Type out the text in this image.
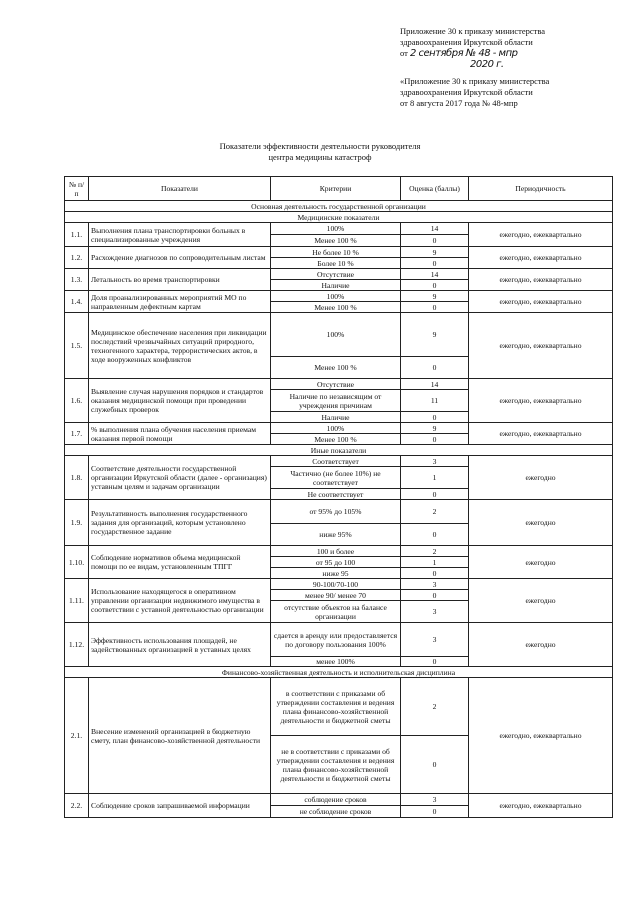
Приложение 30 к приказу министерства
здравоохранения Иркутской области
от 2 сентября № 48 - мпр
2020 г.
«Приложение 30 к приказу министерства
здравоохранения Иркутской области
от 8 августа 2017 года № 48-мпр
Показатели эффективности деятельности руководителя
центра медицины катастроф
№ п/п	Показатели	Критерии	Оценка (баллы)	Периодичность
Основная деятельность государственной организации				
Медицинские показатели				
1.1.	Выполнения плана транспортировки больных в специализированные учреждения	100%	14	ежегодно, ежеквартально
		Менее 100 %	0	
1.2.	Расхождение диагнозов по сопроводительным листам	Не более 10 %	9	ежегодно, ежеквартально
		Более 10 %	0	
1.3.	Летальность во время транспортировки	Отсутствие	14	ежегодно, ежеквартально
		Наличие	0	
1.4.	Доля проанализированных мероприятий МО по направленным дефектным картам	100%	9	ежегодно, ежеквартально
		Менее 100 %	0	
1.5.	Медицинское обеспечение населения при ликвидации последствий чрезвычайных ситуаций природного, техногенного характера, террористических актов, в ходе вооруженных конфликтов	100%	9	ежегодно, ежеквартально
		Менее 100 %	0	
1.6.	Выявление случая нарушения порядков и стандартов оказания медицинской помощи при проведении служебных проверок	Отсутствие	14	ежегодно, ежеквартально
		Наличие по независящим от учреждения причинам	11	
		Наличие	0	
1.7.	% выполнения плана обучения населения приемам оказания первой помощи	100%	9	ежегодно, ежеквартально
		Менее 100 %	0	
Иные показатели				
1.8.	Соответствие деятельности государственной организации Иркутской области (далее - организация) уставным целям и задачам организации	Соответствует	3	ежегодно
		Частично (не более 10%) не соответствует	1	
		Не соответствует	0	
1.9.	Результативность выполнения государственного задания для организаций, которым установлено государственное задание	от 95% до 105%	2	ежегодно
		ниже 95%	0	
1.10.	Соблюдение нормативов объема медицинской помощи по ее видам, установленным ТПГГ	100 и более	2	ежегодно
		от 95 до 100	1	
		ниже 95	0	
1.11.	Использование находящегося в оперативном управлении организации недвижимого имущества в соответствии с уставной деятельностью организации	90-100/70-100	3	ежегодно
		менее 90/ менее 70	0	
		отсутствие объектов на балансе организации	3	
1.12.	Эффективность использования площадей, не задействованных организацией в уставных целях	сдается в аренду или предоставляется по договору пользования 100%	3	ежегодно
		менее 100%	0	
Финансово-хозяйственная деятельность и исполнительская дисциплина				
2.1.	Внесение изменений организацией в бюджетную смету, план финансово-хозяйственной деятельности	в соответствии с приказами об утверждении составления и ведения плана финансово-хозяйственной деятельности и бюджетной сметы	2	ежегодно, ежеквартально
		не в соответствии с приказами об утверждении составления и ведения плана финансово-хозяйственной деятельности и бюджетной сметы	0	
2.2.	Соблюдение сроков запрашиваемой информации	соблюдение сроков	3	ежегодно, ежеквартально
		не соблюдение сроков	0	
